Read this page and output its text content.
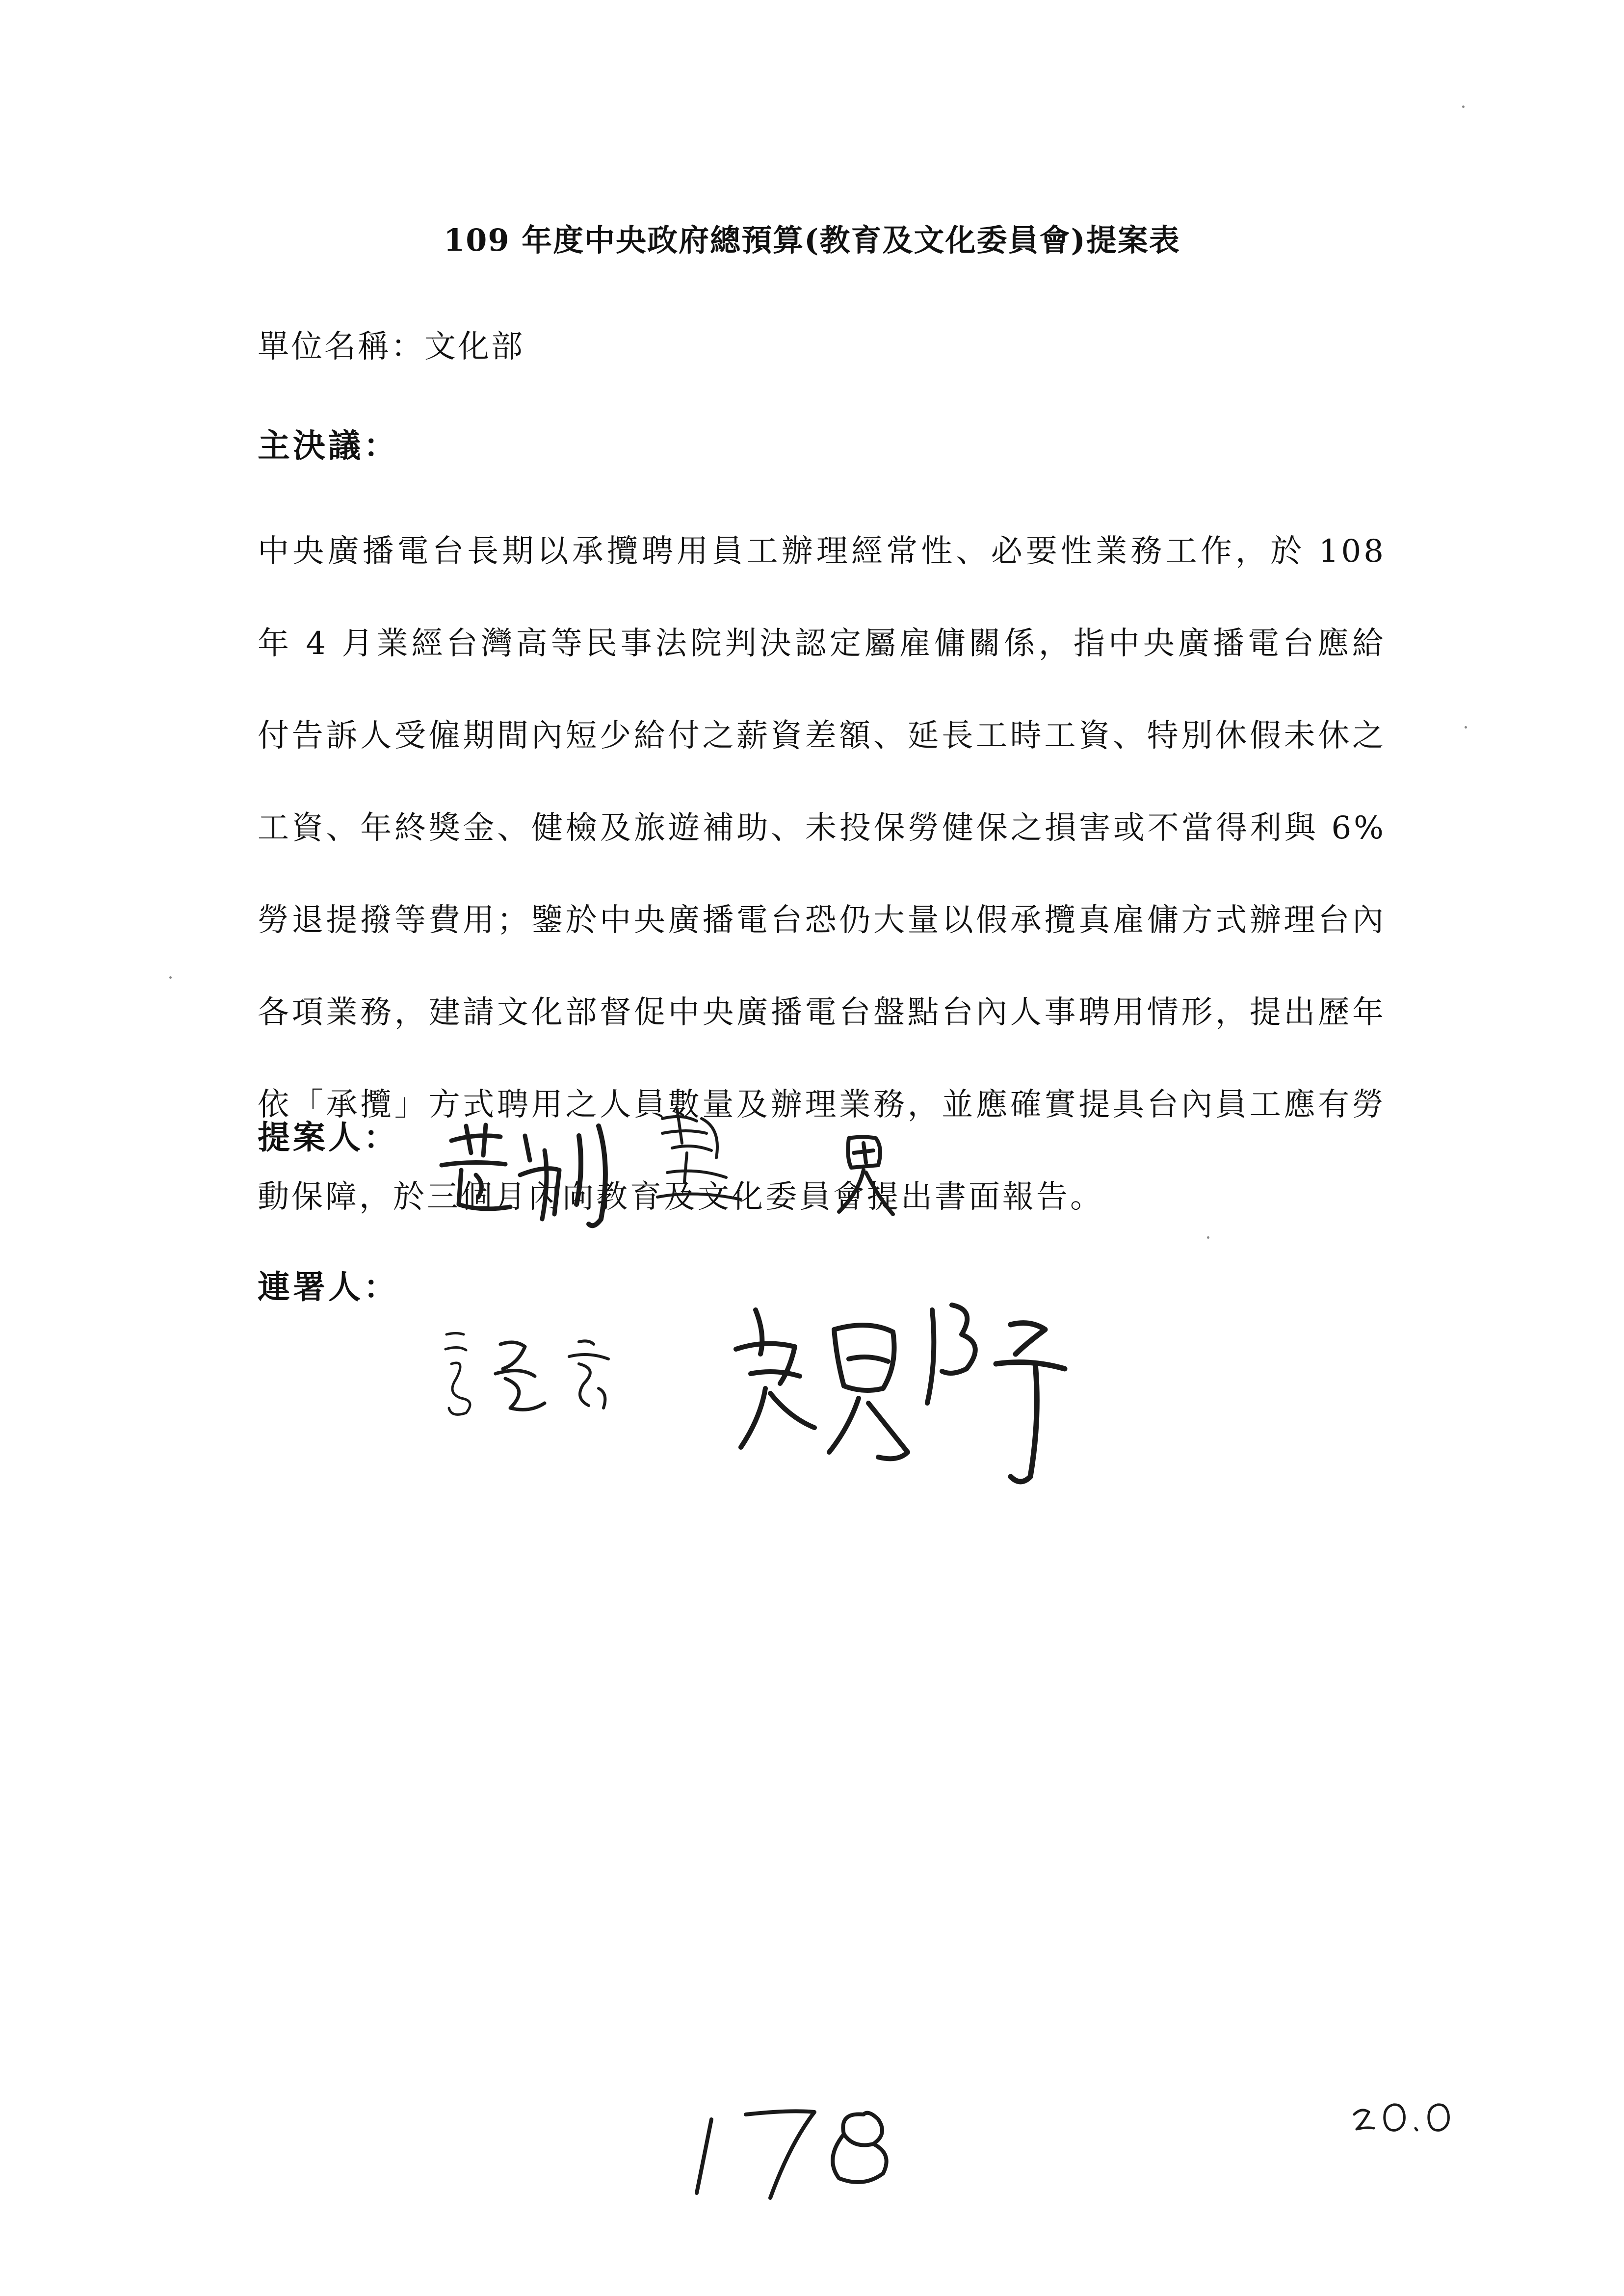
109 年度中央政府總預算(教育及文化委員會)提案表
單位名稱：文化部
主決議：

中央廣播電台長期以承攬聘用員工辦理經常性、必要性業務工作，於 108 年 4 月業經台灣高等民事法院判決認定屬雇傭關係，指中央廣播電台應給付告訴人受僱期間內短少給付之薪資差額、延長工時工資、特別休假未休之工資、年終獎金、健檢及旅遊補助、未投保勞健保之損害或不當得利與 6%勞退提撥等費用；鑒於中央廣播電台恐仍大量以假承攬真雇傭方式辦理台內各項業務，建請文化部督促中央廣播電台盤點台內人事聘用情形，提出歷年依「承攬」方式聘用之人員數量及辦理業務，並應確實提具台內員工應有勞動保障，於三個月內向教育及文化委員會提出書面報告。

提案人：
連署人：
